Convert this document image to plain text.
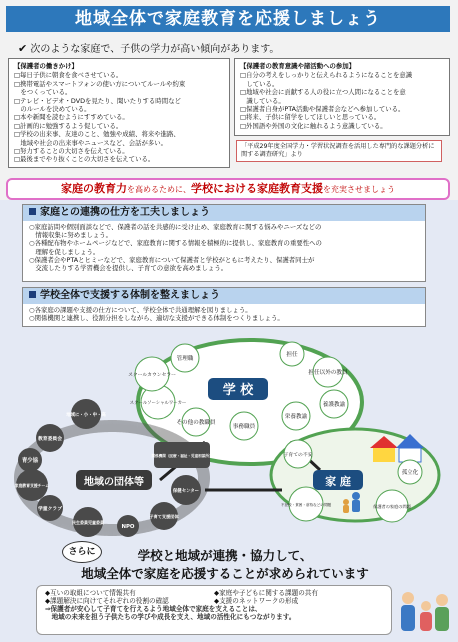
地域全体で家庭教育を応援しましょう
✔ 次のような家庭で、子供の学力が高い傾向があります。
【保護者の働きかけ】
□毎日子供に朝食を食べさせている。
□携帯電話やスマートフォンの使い方についてルールや約束
　をつくっている。
□テレビ・ビデオ・DVDを見たり、聞いたりする時間など
　のルールを決めている。
□本や新聞を読むようにすすめている。
□計画的に勉強するよう促している。
□学校の出来事、友達のこと、勉強や成績、将来や進路、
　地域や社会の出来事やニュースなど、会話が多い。
□努力することの大切さを伝えている。
□最後までやり抜くことの大切さを伝えている。
【保護者の教育意識や諸活動への参加】
□自分の考えをしっかりと伝えられるようになることを意識
　している。
□地域や社会に貢献する人の役に立つ人間になることを意
　識している。
□保護者自身がPTA活動や保護者会などへ参加している。
□将来、子供に留学をしてほしいと思っている。
□外国語や外国の文化に触れるよう意識している。
「平成29年度全国学力・学習状況調査を活用した専門的な課題分析に関する調査研究」より
家庭の教育力を高めるために、学校における家庭教育支援を充実させましょう
家庭との連携の仕方を工夫しましょう
○家庭訪問や個別面談などで、保護者の話を共感的に受け止め、家庭教育に関する悩みやニーズなどの
　情報収集に努めましょう。
○各種配布物やホームページなどで、家庭教育に関する情報を積極的に提供し、家庭教育の重要性への
　理解を促しましょう。
○保護者会やPTAとヒミーなどで、家庭教育について保護者と学校がともに考えたり、保護者同士が
　交流したりする学習機会を提供し、子育ての意欲を高めましょう。
学校全体で支援する体制を整えましょう
○各家庭の課題や支援の仕方について、学校全体で共通理解を図りましょう。
○関係機関と連携し、役割分担をしながら、適切な支援ができる体制をつくりましょう。
学 校
地域の団体等	家 庭
管理職
担任
担任以外の教員
養護教諭
栄養教諭
事務職員
その他の教職員
スクールソーシャルワーカー
スクールカウンセラー
地域に・小・中・高
教育委員会
青少協
家庭教育支援チーム
学童クラブ
民生委員児童委員
NPO
子育て支援団体
保健センター
関係機関（医療・福祉・児童相談所）	子育ての不安
孤立化
不登校・貧困・虐待などの問題	保護者の家庭の問題
さらに	学校と地域が連携・協力して、
地域全体で家庭を応援することが求められています
◆互いの取組について情報共有	◆家庭や子どもに関する課題の共有
◆課題解決に向けてそれぞれの役割の確認	◆支援のネットワークの形成
⇒保護者が安心して子育てを行えるよう地域全体で家庭を支えることは、
　地域の未来を担う子供たちの学びや成長を支え、地域の活性化にもつながります。
